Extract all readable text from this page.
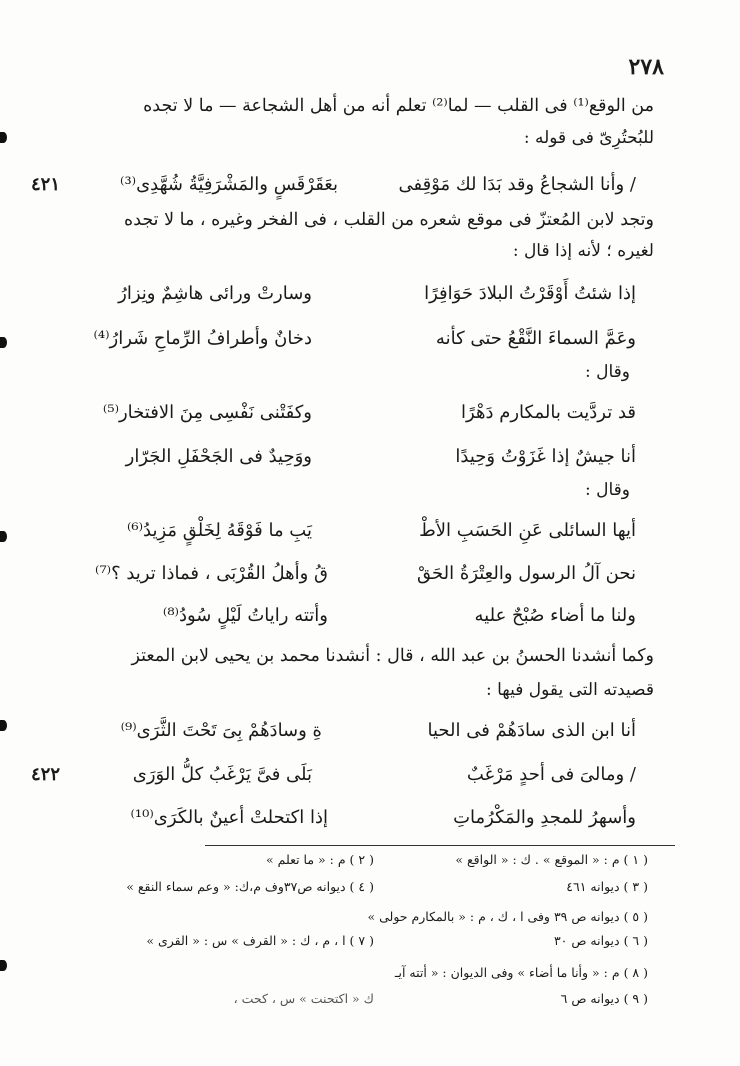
٢٧٨
من الوقع⁽¹⁾ فى القلب — لما⁽²⁾ تعلم أنه من أهل الشجاعة — ما لا تجده
للبُحتُرِىّ فى قوله :
٤٢١	/ وأنا الشجاعُ وقد بَدَا لك مَوْقِفى
بعَقَرْقَسٍ والمَشْرَفِيَّةُ شُهَّدِى⁽³⁾
وتجد لابن المُعتزّ فى موقع شعره من القلب ، فى الفخر وغيره ، ما لا تجده
لغيره ؛ لأنه إذا قال :
إذا شئتُ أَوْقَرْتُ البلادَ حَوَافِرًا
وسارتْ ورائى هاشِمٌ ونِزارُ
وعَمَّ السماءَ النَّقْعُ حتى كأنه
دخانٌ وأطرافُ الرِّماحِ شَرارُ⁽⁴⁾
وقال :
قد تردَّيت بالمكارم دَهْرًا
وكفَتْنى نَفْسِى مِنَ الافتخار⁽⁵⁾
أنا جيشٌ إذا غَزَوْتُ وَحِيدًا
ووَحِيدٌ فى الجَحْفَلِ الجَرّار
وقال :
أيها السائلى عَنِ الحَسَبِ الأطْ
يَبِ ما فَوْقَهُ لِخَلْقٍ مَزِيدُ⁽⁶⁾
نحن آلُ الرسول والعِتْرَةُ الحَقْ
قُ وأهلُ القُرْبَى ، فماذا تريد ؟⁽⁷⁾
ولنا ما أضاء صُبْحٌ عليه
وأتته راياتُ لَيْلٍ سُودُ⁽⁸⁾
وكما أنشدنا الحسنُ بن عبد الله ، قال : أنشدنا محمد بن يحيى لابن المعتز
قصيدته التى يقول فيها :
أنا ابن الذى سادَهُمْ فى الحيا
ةِ وسادَهُمْ بِىَ تَحْتَ الثَّرَى⁽⁹⁾
٤٢٢	/ ومالىَ فى أحدٍ مَرْغَبٌ
بَلَى فىَّ يَرْغَبُ كلُّ الوَرَى
وأسهرُ للمجدِ والمَكْرُماتِ
إذا اكتحلتْ أعينٌ بالكَرَى⁽¹⁰⁾
( ١ ) م : « الموقع » . ك : « الواقع »
( ٢ ) م : « ما تعلم »
( ٣ ) ديوانه ٤٦١
( ٤ ) ديوانه ص٣٧وف م،ك: « وعم سماء النقع »
( ٥ ) ديوانه ص ٣٩ وفى ا ، ك ، م : « بالمكارم حولى »
( ٦ ) ديوانه ص ٣٠
( ٧ ) ا ، م ، ك : « القرف » س : « القرى »
( ٨ ) م : « وأنا ما أضاء » وفى الديوان : « أتته آيـ
( ٩ ) ديوانه ص ٦
ك « اكتحنت » س ، كحت ،
